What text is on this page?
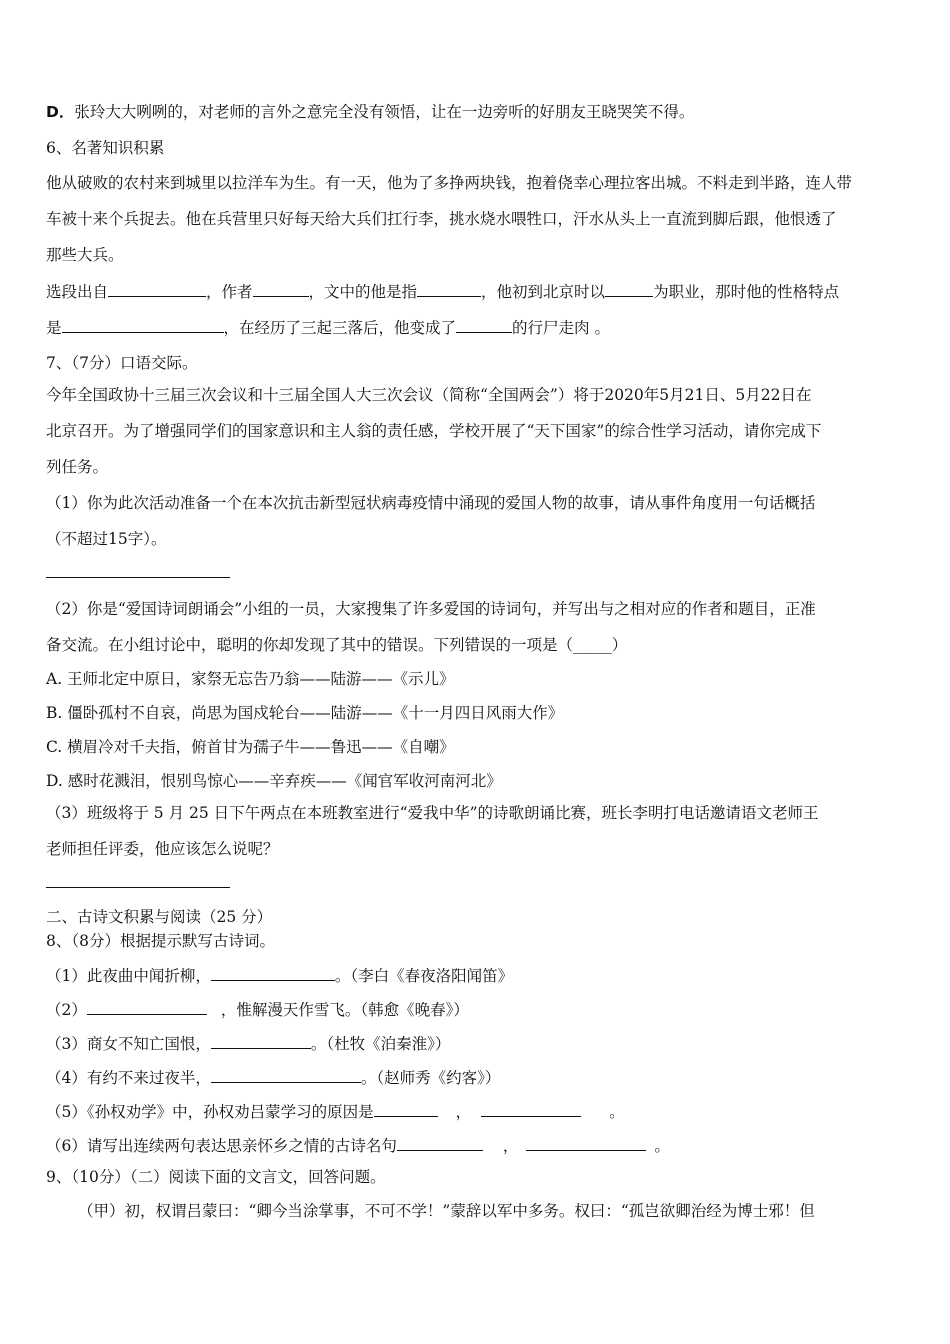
D．张玲大大咧咧的，对老师的言外之意完全没有领悟，让在一边旁听的好朋友王晓哭笑不得。
6、名著知识积累
他从破败的农村来到城里以拉洋车为生。有一天，他为了多挣两块钱，抱着侥幸心理拉客出城。不料走到半路，连人带
车被十来个兵捉去。他在兵营里只好每天给大兵们扛行李，挑水烧水喂牲口，汗水从头上一直流到脚后跟，他恨透了
那些大兵。
选段出自	，作者	，文中的他是指	，他初到北京时以	为职业，那时他的性格特点
是	，在经历了三起三落后，他变成了	的行尸走肉 。
7、（7分）口语交际。
今年全国政协十三届三次会议和十三届全国人大三次会议（简称“全国两会”）将于2020年5月21日、5月22日在
北京召开。为了增强同学们的国家意识和主人翁的责任感，学校开展了“天下国家”的综合性学习活动，请你完成下
列任务。
（1）你为此次活动准备一个在本次抗击新型冠状病毒疫情中涌现的爱国人物的故事，请从事件角度用一句话概括
（不超过15字）。
（2）你是“爱国诗词朗诵会”小组的一员，大家搜集了许多爱国的诗词句，并写出与之相对应的作者和题目，正准
备交流。在小组讨论中，聪明的你却发现了其中的错误。下列错误的一项是（_____）
A. 王师北定中原日，家祭无忘告乃翁——陆游——《示儿》
B. 僵卧孤村不自哀，尚思为国戍轮台——陆游——《十一月四日风雨大作》
C. 横眉冷对千夫指，俯首甘为孺子牛——鲁迅——《自嘲》
D. 感时花溅泪，恨别鸟惊心——辛弃疾——《闻官军收河南河北》
（3）班级将于 5 月 25 日下午两点在本班教室进行“爱我中华”的诗歌朗诵比赛，班长李明打电话邀请语文老师王
老师担任评委，他应该怎么说呢？
二、古诗文积累与阅读（25 分）
8、（8分）根据提示默写古诗词。
（1）此夜曲中闻折柳，	。（李白《春夜洛阳闻笛》
（2）	，惟解漫天作雪飞。（韩愈《晚春》）
（3）商女不知亡国恨，	。（杜牧《泊秦淮》）
（4）有约不来过夜半，	。（赵师秀《约客》）
（5）《孙权劝学》中，孙权劝吕蒙学习的原因是	，	。
（6）请写出连续两句表达思亲怀乡之情的古诗名句	，	。
9、（10分）（二）阅读下面的文言文，回答问题。
（甲）初，权谓吕蒙曰：“卿今当涂掌事，不可不学！”蒙辞以军中多务。权曰：“孤岂欲卿治经为博士邪！但
